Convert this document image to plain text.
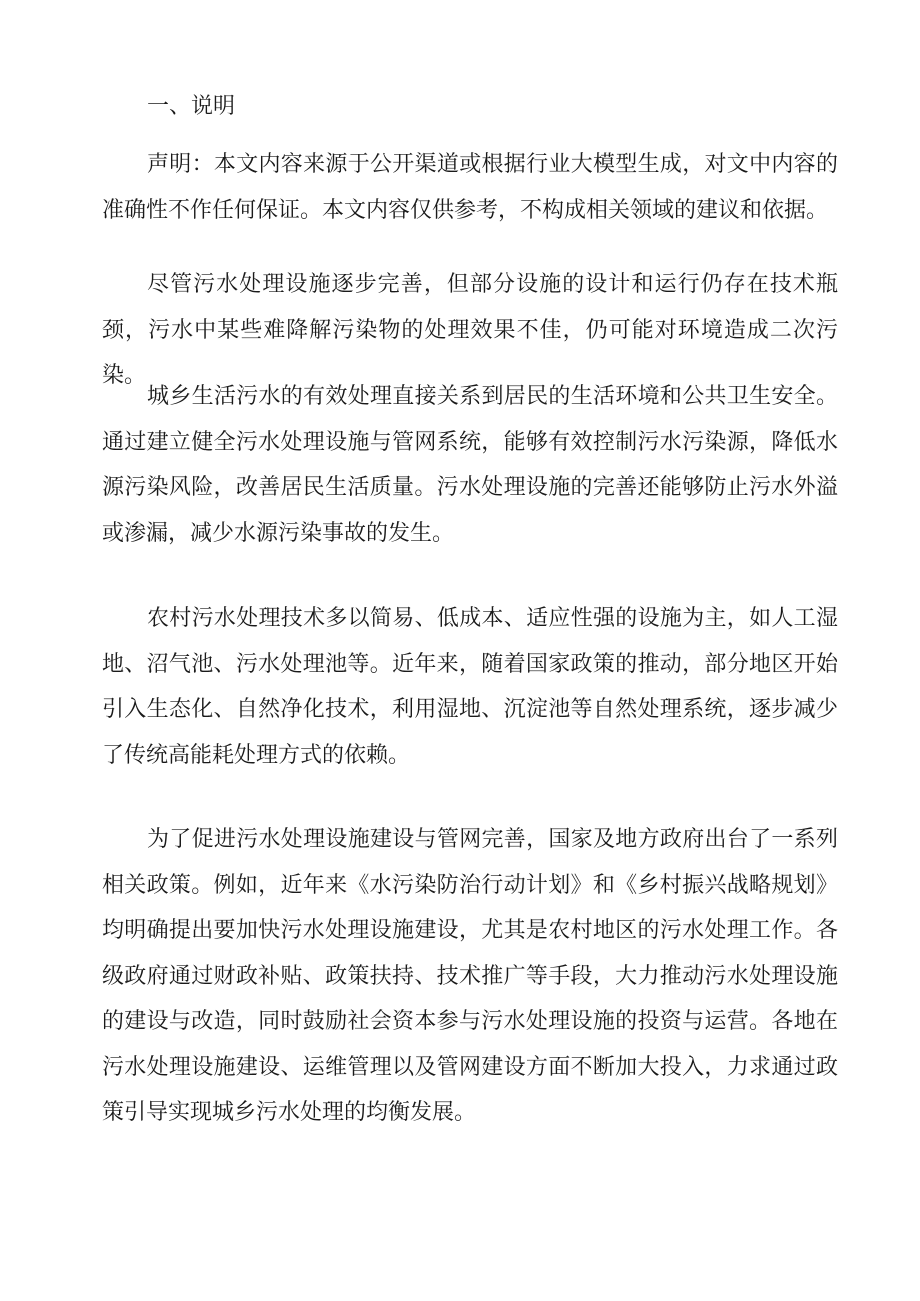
一、说明

声明：本文内容来源于公开渠道或根据行业大模型生成，对文中内容的准确性不作任何保证。本文内容仅供参考，不构成相关领域的建议和依据。

尽管污水处理设施逐步完善，但部分设施的设计和运行仍存在技术瓶颈，污水中某些难降解污染物的处理效果不佳，仍可能对环境造成二次污染。

城乡生活污水的有效处理直接关系到居民的生活环境和公共卫生安全。通过建立健全污水处理设施与管网系统，能够有效控制污水污染源，降低水源污染风险，改善居民生活质量。污水处理设施的完善还能够防止污水外溢或渗漏，减少水源污染事故的发生。

农村污水处理技术多以简易、低成本、适应性强的设施为主，如人工湿地、沼气池、污水处理池等。近年来，随着国家政策的推动，部分地区开始引入生态化、自然净化技术，利用湿地、沉淀池等自然处理系统，逐步减少了传统高能耗处理方式的依赖。

为了促进污水处理设施建设与管网完善，国家及地方政府出台了一系列相关政策。例如，近年来《水污染防治行动计划》和《乡村振兴战略规划》均明确提出要加快污水处理设施建设，尤其是农村地区的污水处理工作。各级政府通过财政补贴、政策扶持、技术推广等手段，大力推动污水处理设施的建设与改造，同时鼓励社会资本参与污水处理设施的投资与运营。各地在污水处理设施建设、运维管理以及管网建设方面不断加大投入，力求通过政策引导实现城乡污水处理的均衡发展。
